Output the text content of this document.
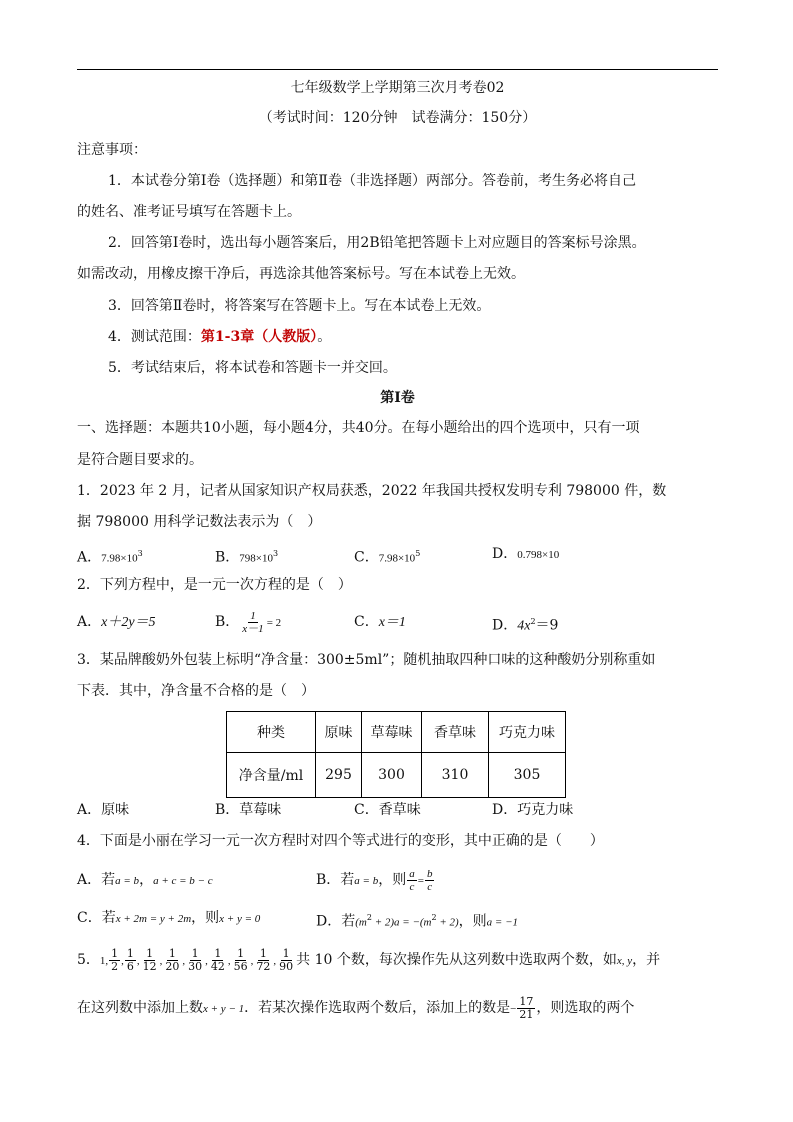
七年级数学上学期第三次月考卷02
（考试时间：120分钟　试卷满分：150分）
注意事项：
1．本试卷分第Ⅰ卷（选择题）和第Ⅱ卷（非选择题）两部分。答卷前，考生务必将自己
的姓名、准考证号填写在答题卡上。
2．回答第Ⅰ卷时，选出每小题答案后，用2B铅笔把答题卡上对应题目的答案标号涂黑。
如需改动，用橡皮擦干净后，再选涂其他答案标号。写在本试卷上无效。
3．回答第Ⅱ卷时，将答案写在答题卡上。写在本试卷上无效。
4．测试范围：第1-3章（人教版）。
5．考试结束后，将本试卷和答题卡一并交回。
第Ⅰ卷
一、选择题：本题共10小题，每小题4分，共40分。在每小题给出的四个选项中，只有一项
是符合题目要求的。
1．2023 年 2 月，记者从国家知识产权局获悉，2022 年我国共授权发明专利 798000 件，数
据 798000 用科学记数法表示为（　）
A．$7.98\times 10^3$	B．$798\times 10^3$	C．$7.98\times 10^5$	D．0.798×10
2．下列方程中，是一元一次方程的是（　）
A．x＋2y＝5	B． $\frac{1}{x-1} = 2$	C．x＝1	D．$4x^2=9$
3．某品牌酸奶外包装上标明“净含量：300±5ml”；随机抽取四种口味的这种酸奶分别称重如
下表．其中，净含量不合格的是（　）
种类	原味	草莓味	香草味	巧克力味
净含量/ml	295	300	310	305
A．原味	B．草莓味	C．香草味	D．巧克力味
4．下面是小丽在学习一元一次方程时对四个等式进行的变形，其中正确的是（　　）
A．若a = b，a + c = b − c	B．若a = b，则 $\frac{a}{c} = \frac{b}{c}$
C．若x + 2m = y + 2m，则x + y = 0	D．若$(m^2 + 2)a = -(m^2 + 2)$，则a = −1
5．1, $\frac{1}{2}$ , $\frac{1}{6}$ , $\frac{1}{12}$ , $\frac{1}{20}$ , $\frac{1}{30}$ , $\frac{1}{42}$ , $\frac{1}{56}$ , $\frac{1}{72}$ , $\frac{1}{90}$ 共 10 个数，每次操作先从这列数中选取两个数，如x, y，并
在这列数中添加上数x + y − 1．若某次操作选取两个数后，添加上的数是− $\frac{17}{21}$ ，则选取的两个
